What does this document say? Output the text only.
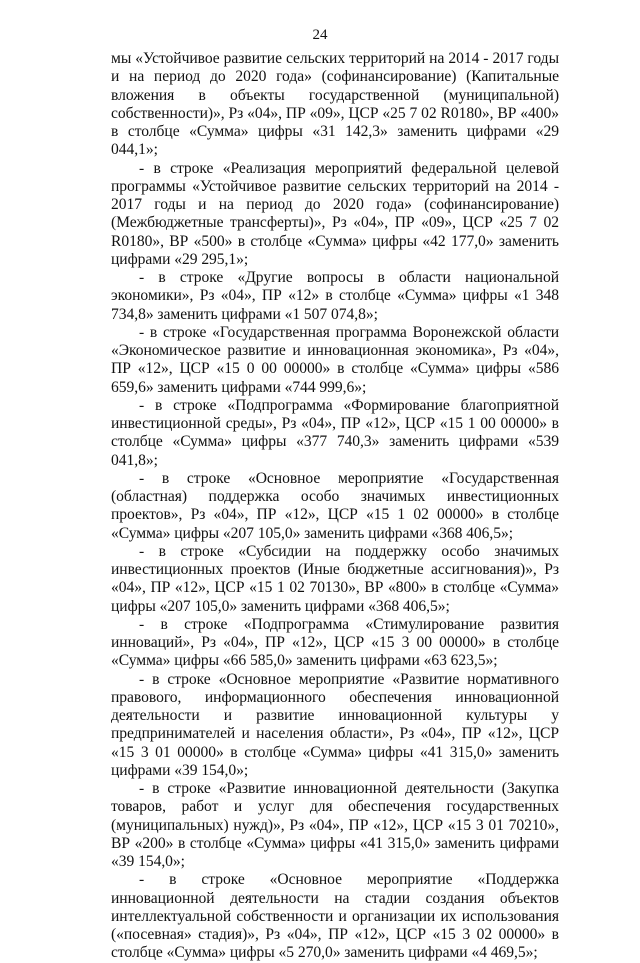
24

мы «Устойчивое развитие сельских территорий на 2014 - 2017 годы и на период до 2020 года» (софинансирование) (Капитальные вложения в объекты государственной (муниципальной) собственности)», Рз «04», ПР «09», ЦСР «25 7 02 R0180», ВР «400» в столбце «Сумма» цифры «31 142,3» заменить цифрами «29 044,1»;

- в строке «Реализация мероприятий федеральной целевой программы «Устойчивое развитие сельских территорий на 2014 - 2017 годы и на период до 2020 года» (софинансирование) (Межбюджетные трансферты)», Рз «04», ПР «09», ЦСР «25 7 02 R0180», ВР «500» в столбце «Сумма» цифры «42 177,0» заменить цифрами «29 295,1»;

- в строке «Другие вопросы в области национальной экономики», Рз «04», ПР «12» в столбце «Сумма» цифры «1 348 734,8» заменить цифрами «1 507 074,8»;

- в строке «Государственная программа Воронежской области «Экономическое развитие и инновационная экономика», Рз «04», ПР «12», ЦСР «15 0 00 00000» в столбце «Сумма» цифры «586 659,6» заменить цифрами «744 999,6»;

- в строке «Подпрограмма «Формирование благоприятной инвестиционной среды», Рз «04», ПР «12», ЦСР «15 1 00 00000» в столбце «Сумма» цифры «377 740,3» заменить цифрами «539 041,8»;

- в строке «Основное мероприятие «Государственная (областная) поддержка особо значимых инвестиционных проектов», Рз «04», ПР «12», ЦСР «15 1 02 00000» в столбце «Сумма» цифры «207 105,0» заменить цифрами «368 406,5»;

- в строке «Субсидии на поддержку особо значимых инвестиционных проектов (Иные бюджетные ассигнования)», Рз «04», ПР «12», ЦСР «15 1 02 70130», ВР «800» в столбце «Сумма» цифры «207 105,0» заменить цифрами «368 406,5»;

- в строке «Подпрограмма «Стимулирование развития инноваций», Рз «04», ПР «12», ЦСР «15 3 00 00000» в столбце «Сумма» цифры «66 585,0» заменить цифрами «63 623,5»;

- в строке «Основное мероприятие «Развитие нормативного правового, информационного обеспечения инновационной деятельности и развитие инновационной культуры у предпринимателей и населения области», Рз «04», ПР «12», ЦСР «15 3 01 00000» в столбце «Сумма» цифры «41 315,0» заменить цифрами «39 154,0»;

- в строке «Развитие инновационной деятельности (Закупка товаров, работ и услуг для обеспечения государственных (муниципальных) нужд)», Рз «04», ПР «12», ЦСР «15 3 01 70210», ВР «200» в столбце «Сумма» цифры «41 315,0» заменить цифрами «39 154,0»;

- в строке «Основное мероприятие «Поддержка инновационной деятельности на стадии создания объектов интеллектуальной собственности и организации их использования («посевная» стадия)», Рз «04», ПР «12», ЦСР «15 3 02 00000» в столбце «Сумма» цифры «5 270,0» заменить цифрами «4 469,5»;
